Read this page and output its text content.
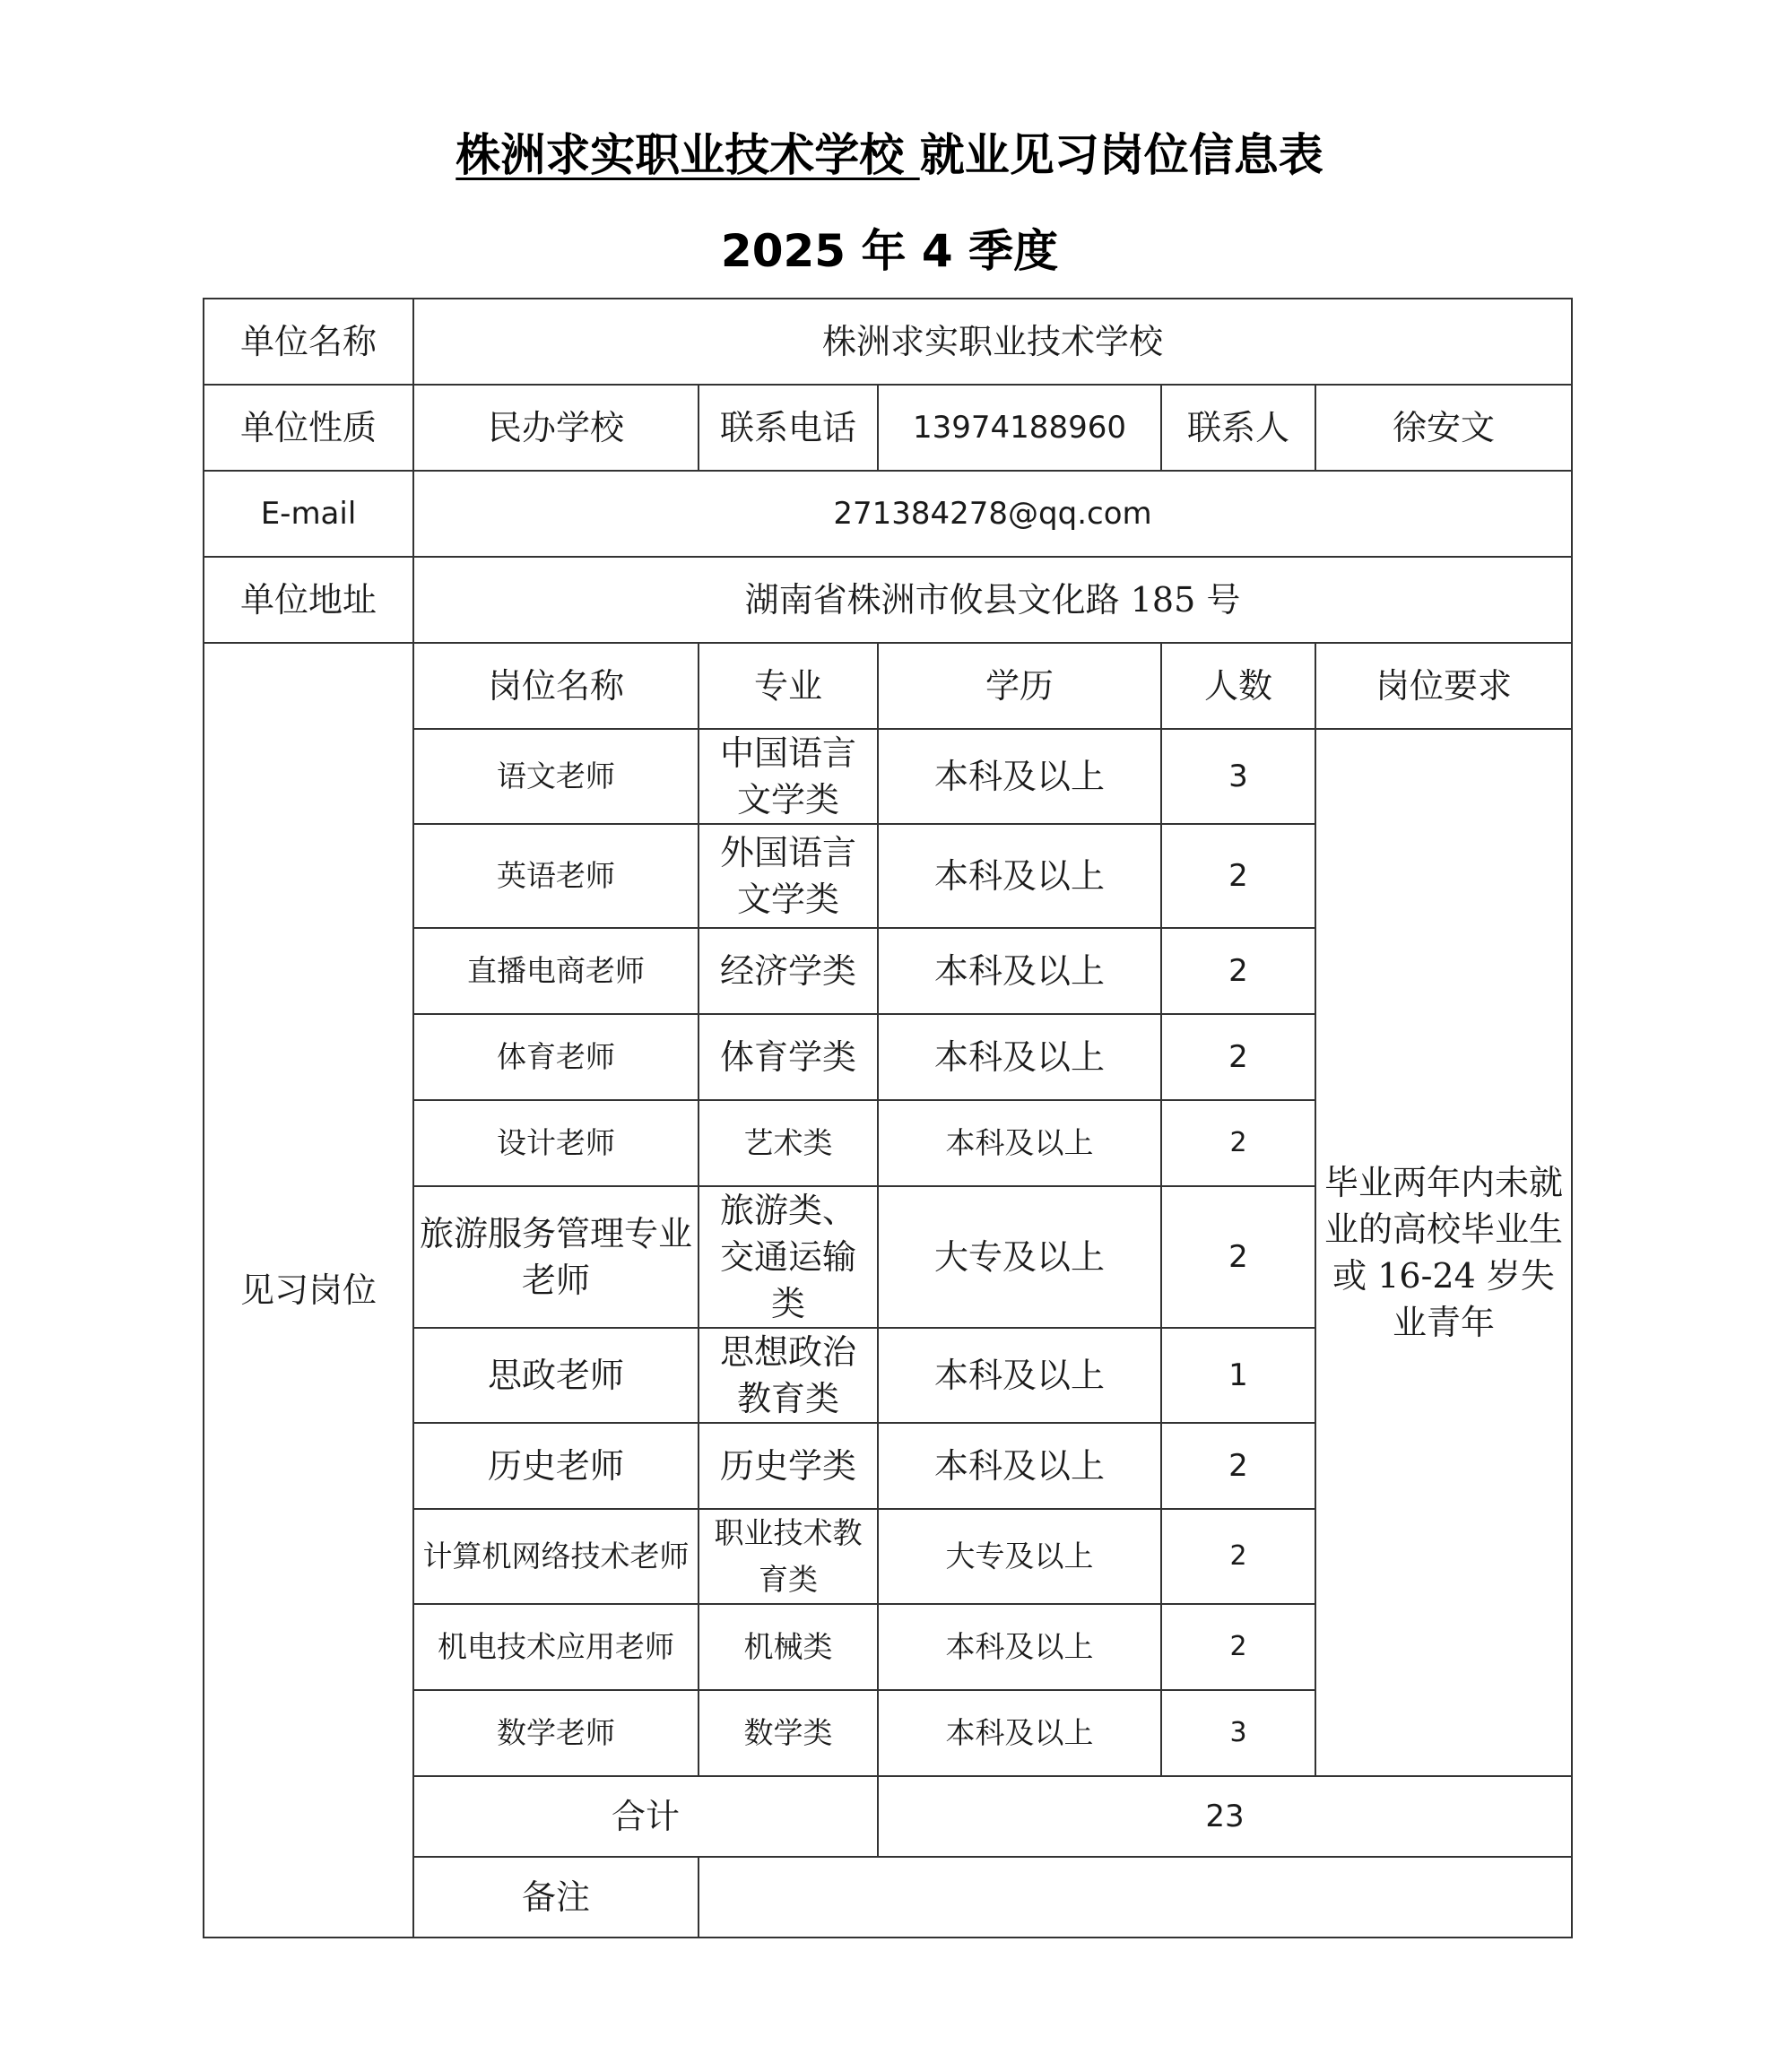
株洲求实职业技术学校 就业见习岗位信息表
2025 年 4 季度
单位名称	株洲求实职业技术学校				
单位性质	民办学校	联系电话	13974188960	联系人	徐安文
E-mail	271384278@qq.com				
单位地址	湖南省株洲市攸县文化路 185 号				
见习岗位	岗位名称	专业	学历	人数	岗位要求
	语文老师	中国语言文学类	本科及以上	3	毕业两年内未就业的高校毕业生或 16-24 岁失业青年
	英语老师	外国语言文学类	本科及以上	2	
	直播电商老师	经济学类	本科及以上	2	
	体育老师	体育学类	本科及以上	2	
	设计老师	艺术类	本科及以上	2	
	旅游服务管理专业老师	旅游类、交通运输类	大专及以上	2	
	思政老师	思想政治教育类	本科及以上	1	
	历史老师	历史学类	本科及以上	2	
	计算机网络技术老师	职业技术教育类	大专及以上	2	
	机电技术应用老师	机械类	本科及以上	2	
	数学老师	数学类	本科及以上	3	
	合计		23		
	备注				
